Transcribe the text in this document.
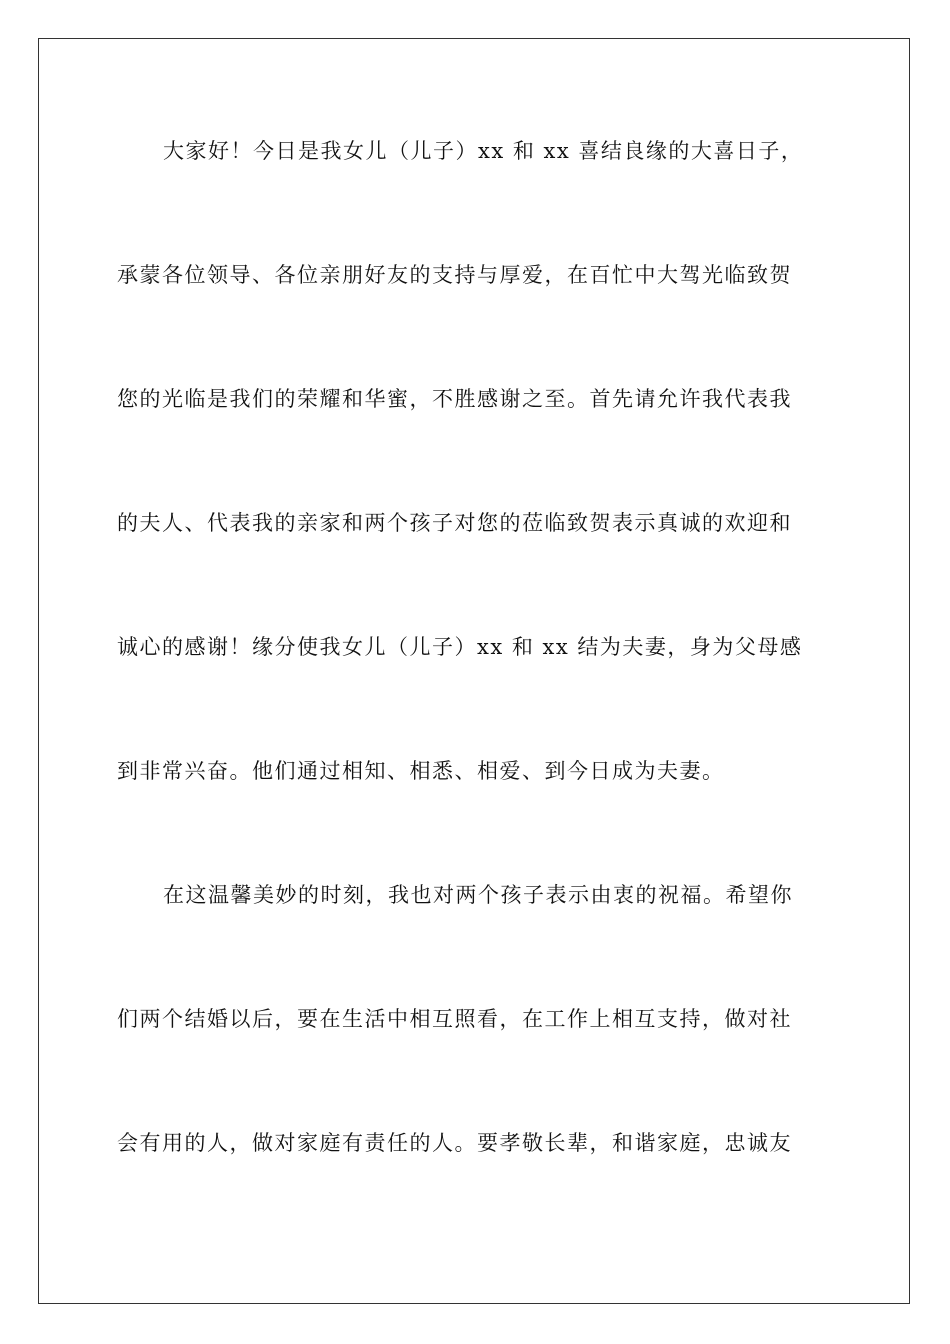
大家好！今日是我女儿（儿子）xx 和 xx 喜结良缘的大喜日子，
承蒙各位领导、各位亲朋好友的支持与厚爱，在百忙中大驾光临致贺
您的光临是我们的荣耀和华蜜，不胜感谢之至。首先请允许我代表我
的夫人、代表我的亲家和两个孩子对您的莅临致贺表示真诚的欢迎和
诚心的感谢！缘分使我女儿（儿子）xx 和 xx 结为夫妻，身为父母感
到非常兴奋。他们通过相知、相悉、相爱、到今日成为夫妻。
在这温馨美妙的时刻，我也对两个孩子表示由衷的祝福。希望你
们两个结婚以后，要在生活中相互照看，在工作上相互支持，做对社
会有用的人，做对家庭有责任的人。要孝敬长辈，和谐家庭，忠诚友
